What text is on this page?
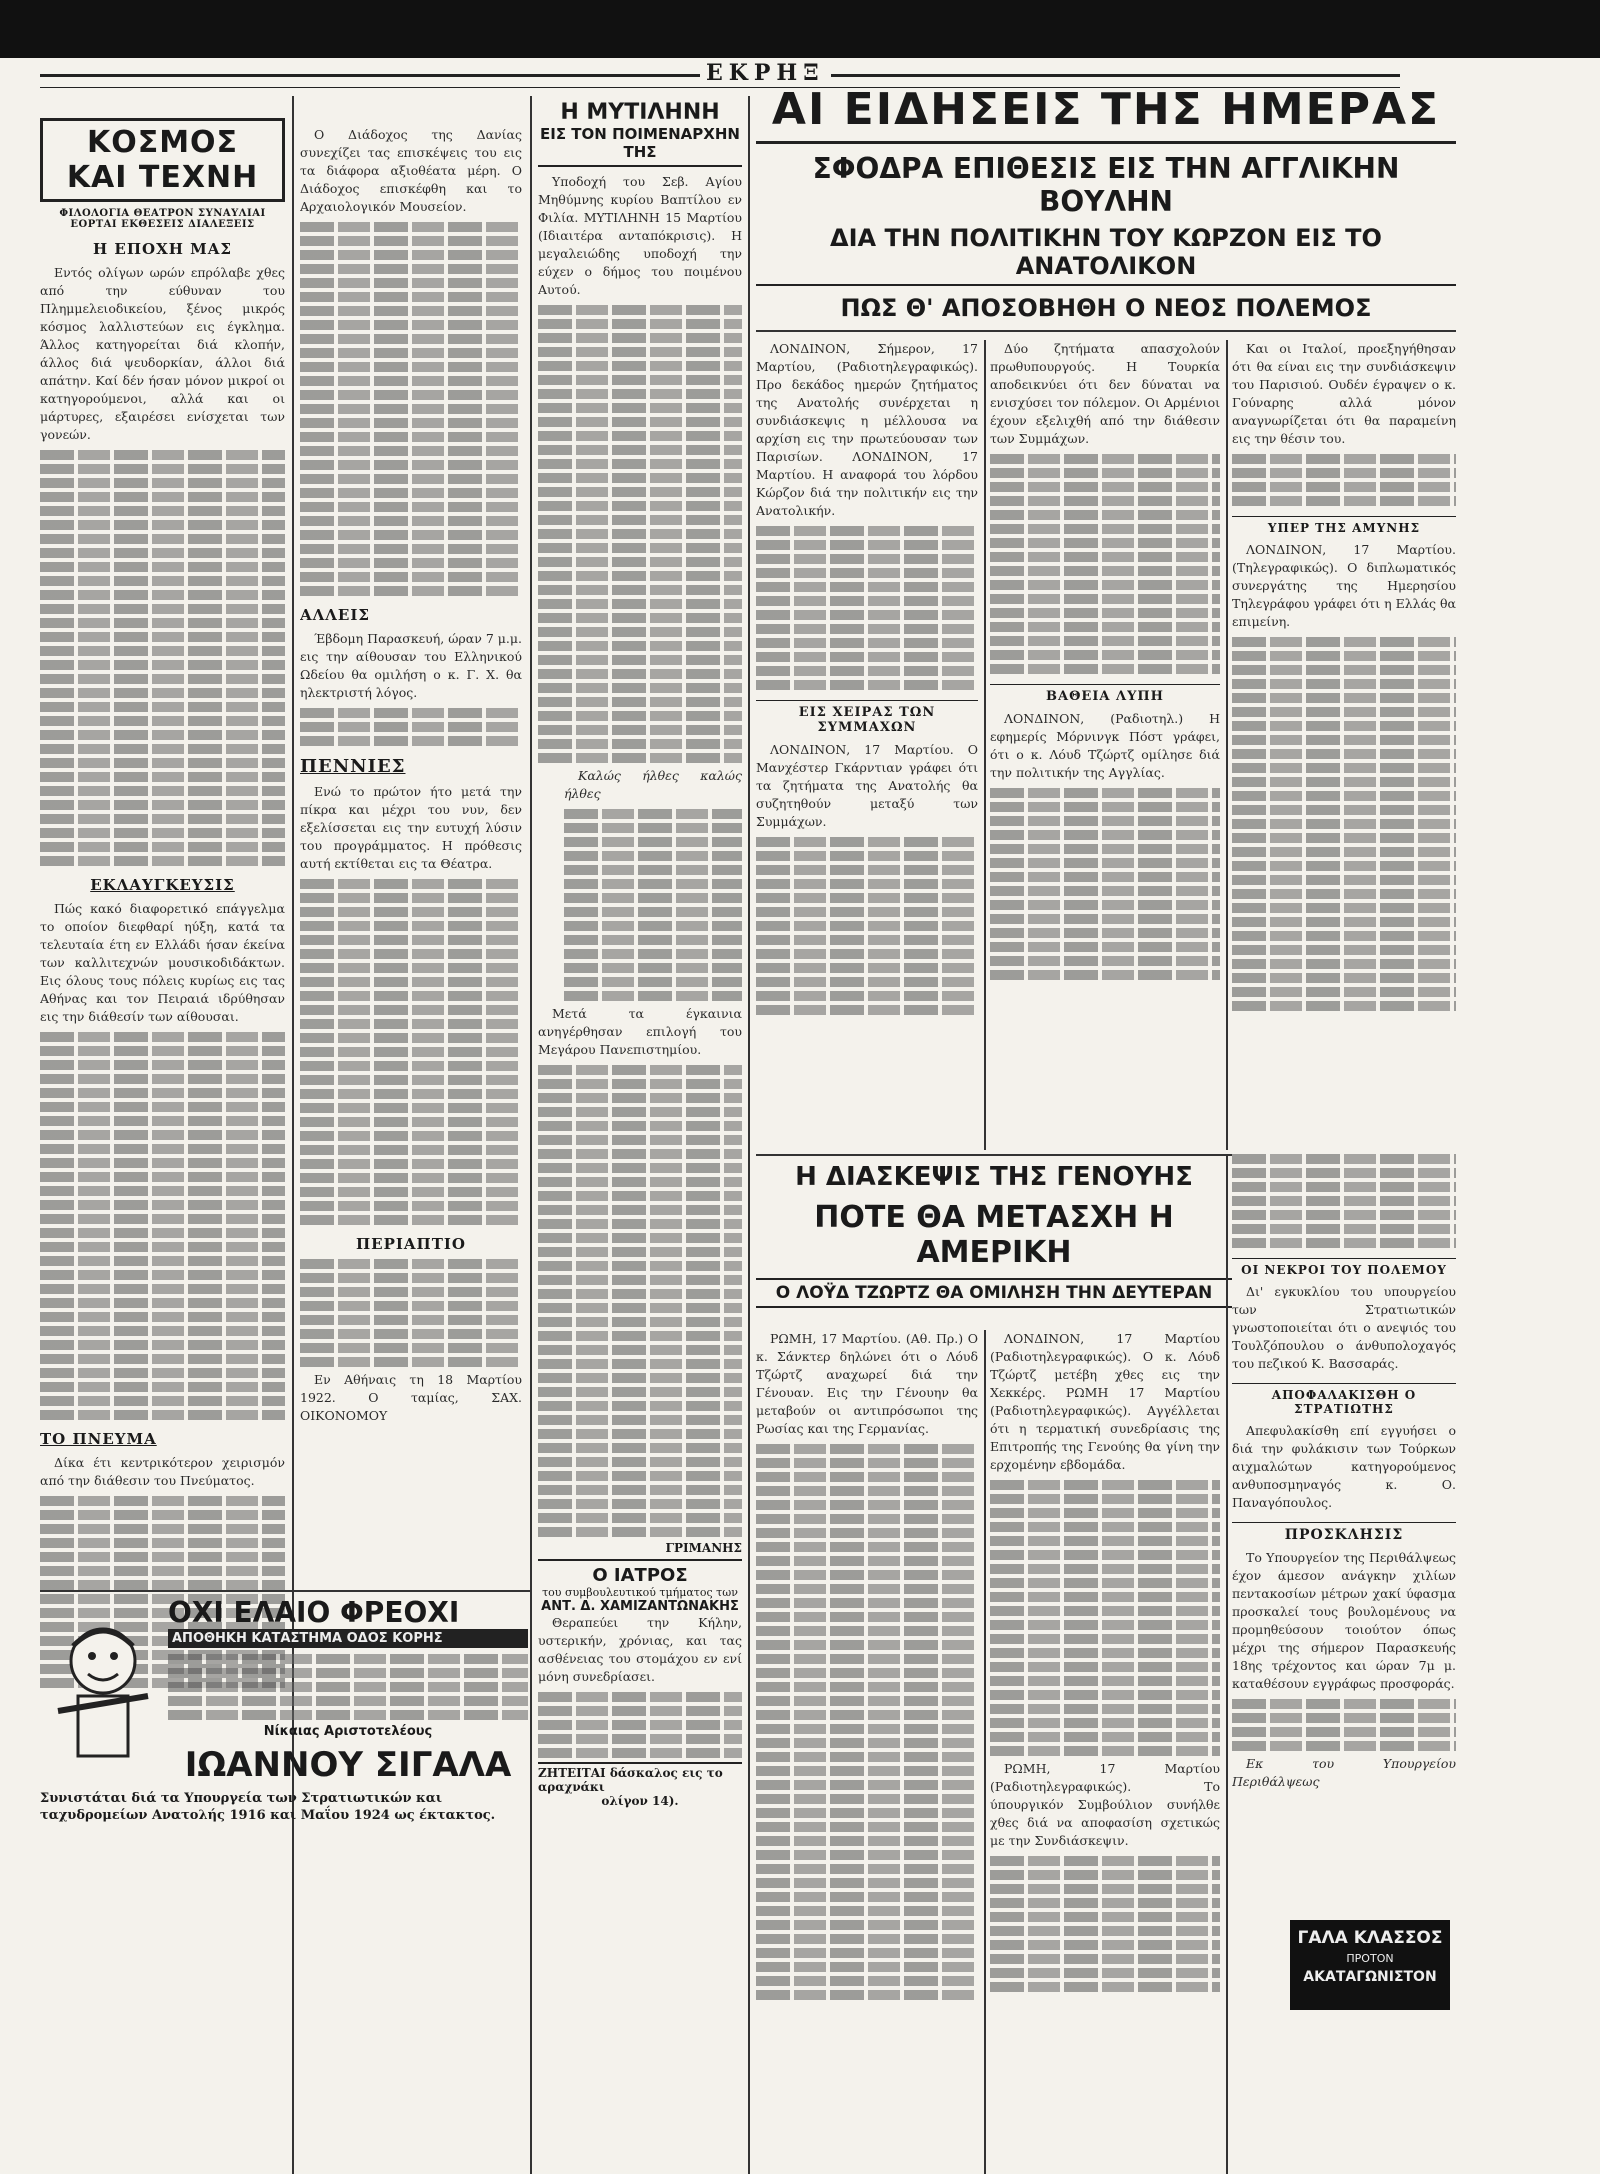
ΕΚΡΗΞ
ΚΟΣΜΟΣ ΚΑΙ ΤΕΧΝΗ
ΦΙΛΟΛΟΓΙΑ ΘΕΑΤΡΟΝ ΣΥΝΑΥΛΙΑΙ ΕΟΡΤΑΙ ΕΚΘΕΣΕΙΣ ΔΙΑΛΕΞΕΙΣ
Η ΕΠΟΧΗ ΜΑΣ

Εντός ολίγων ωρών επρόλαβε χθες από την εύθυναν του Πλημμελειοδικείου, ξένος μικρός κόσμος λαλλιστεύων εις έγκλημα. Άλλος κατηγορείται διά κλοπήν, άλλος διά ψευδορκίαν, άλλοι διά απάτην. Καί δέν ήσαν μόνον μικροί οι κατηγορούμενοι, αλλά και οι μάρτυρες, εξαιρέσει ενίσχεται των γονεών.

ΕΚΛΑΥΓΚΕΥΣΙΣ

Πώς κακό διαφορετικό επάγγελμα το οποίον διεφθαρί ηύξη, κατά τα τελευταία έτη εν Ελλάδι ήσαν έκείνα των καλλιτεχνών μουσικοδιδάκτων. Εις όλους τους πόλεις κυρίως εις τας Αθήνας και τον Πειραιά ιδρύθησαν εις την διάθεσίν των αίθουσαι.

ΤΟ ΠΝΕΥΜΑ

Δίκα έτι κεντρικότερον χειρισμόν από την διάθεσιν του Πνεύματος.

ΟΧΙ ΕΛΑΙΟ ΦΡΕΟΧΙ
ΑΠΟΘΗΚΗ ΚΑΤΑΣΤΗΜΑ ΟΔΟΣ ΚΟΡΗΣ
Νίκαιας Αριστοτελέους
ΙΩΑΝΝΟΥ ΣΙΓΑΛΑ
Συνιστάται διά τα Υπουργεία των Στρατιωτικών και ταχυδρομείων Ανατολής 1916 και Μαΐου 1924 ως έκτακτος.

Ο Διάδοχος της Δανίας συνεχίζει τας επισκέψεις του εις τα διάφορα αξιοθέατα μέρη. Ο Διάδοχος επισκέφθη και το Αρχαιολογικόν Μουσείον.

ΑΛΛΕΙΣ

Έβδομη Παρασκευή, ώραν 7 μ.μ. εις την αίθουσαν του Ελληνικού Ωδείου θα ομιλήση ο κ. Γ. Χ. θα ηλεκτριστή λόγος.

ΠΕΝΝΙΕΣ

Ενώ το πρώτον ήτο μετά την πίκρα και μέχρι του νυν, δεν εξελίσσεται εις την ευτυχή λύσιν του προγράμματος. Η πρόθεσις αυτή εκτίθεται εις τα Θέατρα.

ΠΕΡΙΑΠΤΙΟ

Εν Αθήναις τη 18 Μαρτίου 1922. Ο ταμίας, ΣΑΧ. ΟΙΚΟΝΟΜΟΥ

Η ΜΥΤΙΛΗΝΗ
ΕΙΣ ΤΟΝ ΠΟΙΜΕΝΑΡΧΗΝ ΤΗΣ

Υποδοχή του Σεβ. Αγίου Μηθύμνης κυρίου Βαπτίλου εν Φιλία. ΜΥΤΙΛΗΝΗ 15 Μαρτίου (Ιδιαιτέρα ανταπόκρισις). Η μεγαλειώδης υποδοχή την εύχεν ο δήμος του ποιμένου Αυτού.

Καλώς ήλθες καλώς ήλθες

Μετά τα έγκαινια ανηγέρθησαν επιλογή του Μεγάρου Πανεπιστημίου.

ΓΡΙΜΑΝΗΣ
Ο ΙΑΤΡΟΣ
του συμβουλευτικού τμήματος των
ΑΝΤ. Δ. ΧΑΜΙΖΑΝΤΩΝΑΚΗΣ

Θεραπεύει την Κήλην, υστερικήν, χρόνιας, και τας ασθένειας του στομάχου εν ενί μόνη συνεδρίασει.

ΖΗΤΕΙΤΑΙ δάσκαλος εις το αραχνάκι
ολίγον 14).
ΑΙ ΕΙΔΗΣΕΙΣ ΤΗΣ ΗΜΕΡΑΣ
ΣΦΟΔΡΑ ΕΠΙΘΕΣΙΣ ΕΙΣ ΤΗΝ ΑΓΓΛΙΚΗΝ ΒΟΥΛΗΝ
ΔΙΑ ΤΗΝ ΠΟΛΙΤΙΚΗΝ ΤΟΥ ΚΩΡΖΟΝ ΕΙΣ ΤΟ ΑΝΑΤΟΛΙΚΟΝ
ΠΩΣ Θ' ΑΠΟΣΟΒΗΘΗ Ο ΝΕΟΣ ΠΟΛΕΜΟΣ

ΛΟΝΔΙΝΟΝ, Σήμερον, 17 Μαρτίου, (Ραδιοτηλεγραφικώς). Προ δεκάδος ημερών ζητήματος της Ανατολής συνέρχεται η συνδιάσκεψις η μέλλουσα να αρχίση εις την πρωτεύουσαν των Παρισίων. ΛΟΝΔΙΝΟΝ, 17 Μαρτίου. Η αναφορά του λόρδου Κώρζον διά την πολιτικήν εις την Ανατολικήν.

ΕΙΣ ΧΕΙΡΑΣ ΤΩΝ ΣΥΜΜΑΧΩΝ

ΛΟΝΔΙΝΟΝ, 17 Μαρτίου. Ο Μανχέστερ Γκάρντιαν γράφει ότι τα ζητήματα της Ανατολής θα συζητηθούν μεταξύ των Συμμάχων.

Δύο ζητήματα απασχολούν πρωθυπουργούς. Η Τουρκία αποδεικνύει ότι δεν δύναται να ενισχύσει τον πόλεμον. Οι Αρμένιοι έχουν εξελιχθή από την διάθεσιν των Συμμάχων.

ΒΑΘΕΙΑ ΛΥΠΗ

ΛΟΝΔΙΝΟΝ, (Ραδιοτηλ.) Η εφημερίς Μόρνινγκ Πόστ γράφει, ότι ο κ. Λόυδ Τζώρτζ ομίλησε διά την πολιτικήν της Αγγλίας.

Και οι Ιταλοί, προεξηγήθησαν ότι θα είναι εις την συνδιάσκεψιν του Παρισιού. Ουδέν έγραψεν ο κ. Γούναρης αλλά μόνον αναγνωρίζεται ότι θα παραμείνη εις την θέσιν του.

ΥΠΕΡ ΤΗΣ ΑΜΥΝΗΣ

ΛΟΝΔΙΝΟΝ, 17 Μαρτίου. (Τηλεγραφικώς). Ο διπλωματικός συνεργάτης της Ημερησίου Τηλεγράφου γράφει ότι η Ελλάς θα επιμείνη.

Η ΔΙΑΣΚΕΨΙΣ ΤΗΣ ΓΕΝΟΥΗΣ
ΠΟΤΕ ΘΑ ΜΕΤΑΣΧΗ Η ΑΜΕΡΙΚΗ
Ο ΛΟΫΔ ΤΖΩΡΤΖ ΘΑ ΟΜΙΛΗΣΗ ΤΗΝ ΔΕΥΤΕΡΑΝ

ΡΩΜΗ, 17 Μαρτίου. (Αθ. Πρ.) Ο κ. Σάνκτερ δηλώνει ότι ο Λόυδ Τζώρτζ αναχωρεί διά την Γένουαν. Εις την Γένουην θα μεταβούν οι αντιπρόσωποι της Ρωσίας και της Γερμανίας.

ΛΟΝΔΙΝΟΝ, 17 Μαρτίου (Ραδιοτηλεγραφικώς). Ο κ. Λόυδ Τζώρτζ μετέβη χθες εις την Χεκκέρς. ΡΩΜΗ 17 Μαρτίου (Ραδιοτηλεγραφικώς). Αγγέλλεται ότι η τερματική συνεδρίασις της Επιτροπής της Γενούης θα γίνη την ερχομένην εβδομάδα.

ΡΩΜΗ, 17 Μαρτίου (Ραδιοτηλεγραφικώς). Το ύπουργικόν Συμβούλιον συνήλθε χθες διά να αποφασίση σχετικώς με την Συνδιάσκεψιν.

ΟΙ ΝΕΚΡΟΙ ΤΟΥ ΠΟΛΕΜΟΥ

Δι' εγκυκλίου του υπουργείου των Στρατιωτικών γνωστοποιείται ότι ο ανεψιός του Τουλζόπουλου ο άνθυπολοχαγός του πεζικού Κ. Βασσαράς.

ΑΠΟΦΑΛΑΚΙΣΘΗ Ο ΣΤΡΑΤΙΩΤΗΣ

Απεφυλακίσθη επί εγγυήσει ο διά την φυλάκισιν των Τούρκων αιχμαλώτων κατηγορούμενος ανθυποσμηναγός κ. Ο. Παναγόπουλος.

ΠΡΟΣΚΛΗΣΙΣ

Το Υπουργείον της Περιθάλψεως έχον άμεσον ανάγκην χιλίων πεντακοσίων μέτρων χακί ύφασμα προσκαλεί τους βουλομένους να προμηθεύσουν τοιούτον όπως μέχρι της σήμερον Παρασκευής 18ης τρέχοντος και ώραν 7μ μ. καταθέσουν εγγράφως προσφοράς.

Εκ του Υπουργείου Περιθάλψεως

ΓΑΛΑ ΚΛΑΣΣΟΣ
ΠΡΟΤΟΝ
ΑΚΑΤΑΓΩΝΙΣΤΟΝ
